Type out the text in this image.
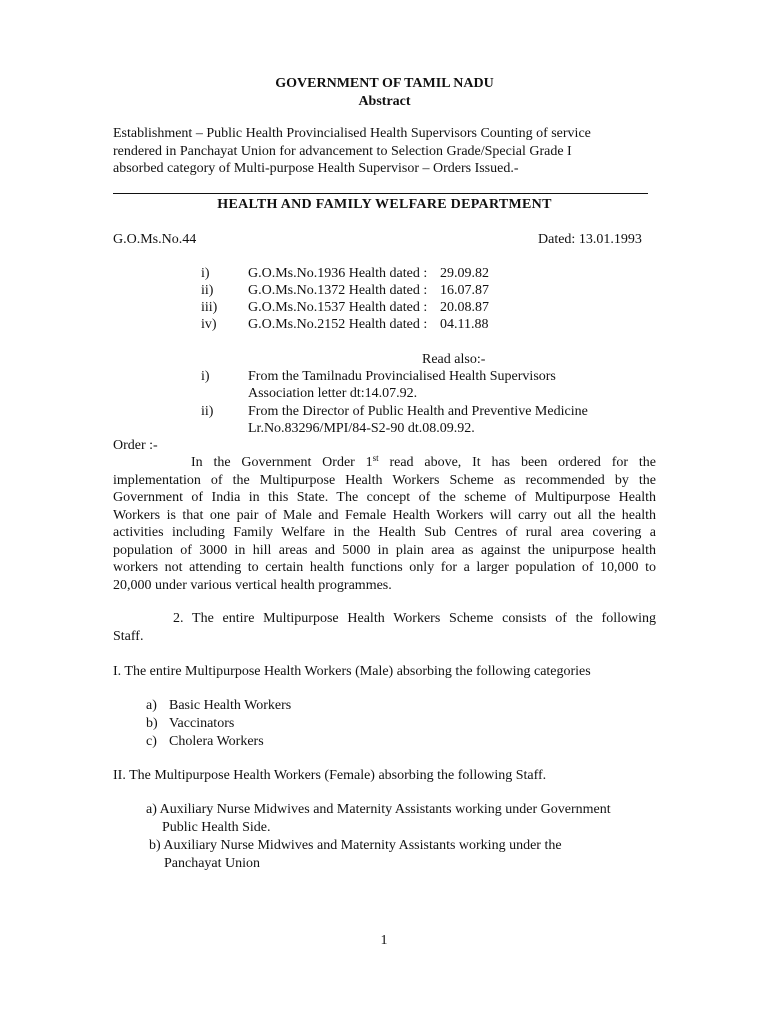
GOVERNMENT OF TAMIL NADU
Abstract
Establishment – Public Health Provincialised Health Supervisors Counting of service
rendered in Panchayat Union for advancement to Selection Grade/Special Grade I
absorbed category of Multi-purpose Health Supervisor – Orders Issued.-
HEALTH AND FAMILY WELFARE DEPARTMENT
G.O.Ms.No.44	Dated: 13.01.1993
i)	G.O.Ms.No.1936 Health dated : 29.09.82
ii) G.O.Ms.No.1372 Health dated : 16.07.87
iii) G.O.Ms.No.1537 Health dated : 20.08.87
iv) G.O.Ms.No.2152 Health dated : 04.11.88
Read also:-
i)	From the Tamilnadu Provincialised Health Supervisors
Association letter dt:14.07.92.
ii) From the Director of Public Health and Preventive Medicine
Lr.No.83296/MPI/84-S2-90 dt.08.09.92.
Order :-
In the Government Order 1st read above, It has been ordered for the
implementation of the Multipurpose Health Workers Scheme as recommended by the
Government of India in this State. The concept of the scheme of Multipurpose Health
Workers is that one pair of Male and Female Health Workers will carry out all the health
activities including Family Welfare in the Health Sub Centres of rural area covering a
population of 3000 in hill areas and 5000 in plain area as against the unipurpose health
workers not attending to certain health functions only for a larger population of 10,000 to
20,000 under various vertical health programmes.
2. The entire Multipurpose Health Workers Scheme consists of the following
Staff.
I. The entire Multipurpose Health Workers (Male) absorbing the following categories
a) Basic Health Workers
b) Vaccinators
c) Cholera Workers
II. The Multipurpose Health Workers (Female) absorbing the following Staff.
a) Auxiliary Nurse Midwives and Maternity Assistants working under Government
Public Health Side.
b) Auxiliary Nurse Midwives and Maternity Assistants working under the
Panchayat Union
1
